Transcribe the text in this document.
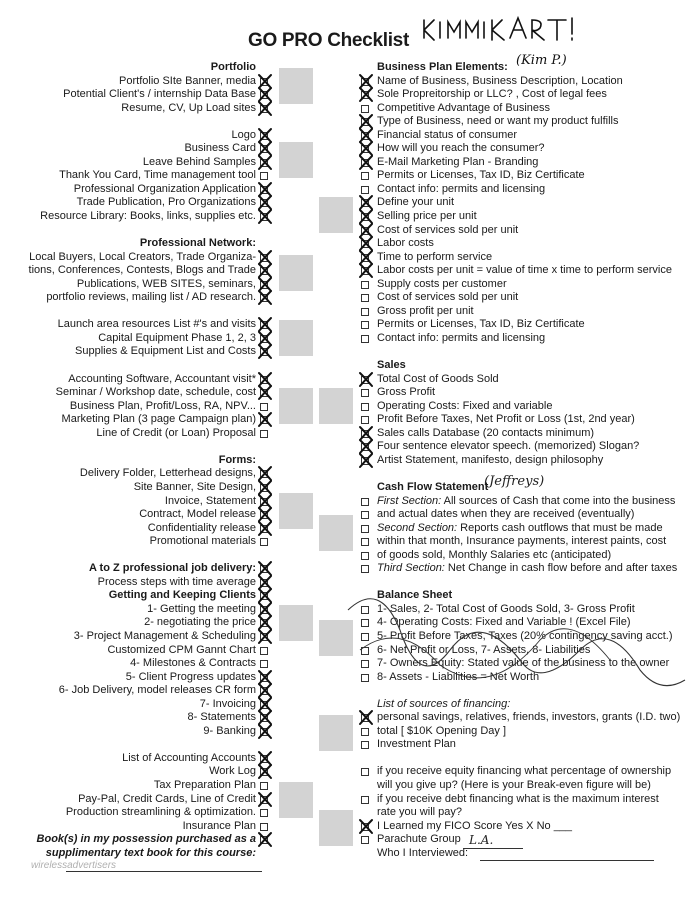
GO PRO Checklist
(Kim P.)
Portfolio
Portfolio SIte Banner, media
Potential Client's / internship Data Base
Resume, CV, Up Load sites
Logo
Business Card
Leave Behind Samples
Thank You Card, Time management tool
Professional Organization Application
Trade Publication, Pro Organizations
Resource Library: Books, links, supplies etc.
Professional Network:
Local Buyers, Local Creators, Trade Organiza-
tions, Conferences, Contests, Blogs and Trade
Publications, WEB SITES, seminars,
portfolio reviews, mailing list / AD research.
Launch area resources List #'s and visits
Capital Equipment Phase 1, 2, 3
Supplies & Equipment List and Costs
Accounting Software, Accountant visit*
Seminar / Workshop date, schedule, cost
Business Plan, Profit/Loss, RA, NPV...
Marketing Plan (3 page Campaign plan)
Line of Credit (or Loan) Proposal
Forms:
Delivery Folder, Letterhead designs,
Site Banner, Site Design,
Invoice, Statement
Contract, Model release
Confidentiality release
Promotional materials
A to Z professional job delivery:
Process steps with time average
Getting and Keeping Clients
1- Getting the meeting
2- negotiating the price
3- Project Management & Scheduling
Customized CPM Gannt Chart
4- Milestones & Contracts
5- Client Progress updates
6- Job Delivery, model releases CR form
7- Invoicing
8- Statements
9- Banking
List of Accounting Accounts
Work Log
Tax Preparation Plan
Pay-Pal, Credit Cards, Line of Credit
Production streamlining & optimization.
Insurance Plan
Book(s) in my possession purchased as a
supplimentary text book for this course:
Business Plan Elements:
Name of Business, Business Description, Location
Sole Propreitorship or LLC? , Cost of legal fees
Competitive Advantage of Business
Type of Business, need or want my product fulfills
Financial status of consumer
How will you reach the consumer?
E-Mail Marketing Plan - Branding
Permits or Licenses, Tax ID, Biz Certificate
Contact info: permits and licensing
Define your unit
Selling price per unit
Cost of services sold per unit
Labor costs
Time to perform service
Labor costs per unit = value of time x time to perform service
Supply costs per customer
Cost of services sold per unit
Gross profit per unit
Permits or Licenses, Tax ID, Biz Certificate
Contact info: permits and licensing
Sales
Total Cost of Goods Sold
Gross Profit
Operating Costs: Fixed and variable
Profit Before Taxes, Net Profit or Loss (1st, 2nd year)
Sales calls Database (20 contacts minimum)
Four sentence elevator speech. (memorized) Slogan?
Artist Statement, manifesto, design philosophy
Cash Flow Statement
First Section: All sources of Cash that come into the business
and actual dates when they are received (eventually)
Second Section: Reports cash outflows that must be made
within that month, Insurance payments, interest paints, cost
of goods sold, Monthly Salaries etc (anticipated)
Third Section: Net Change in cash flow before and after taxes
Balance Sheet
1- Sales, 2- Total Cost of Goods Sold, 3- Gross Profit
4- Operating Costs: Fixed and Variable ! (Excel File)
5- Profit Before Taxes, Taxes (20% contingency saving acct.)
6- Net Profit or Loss, 7- Assets, 8- Liabilities
7- Owners Equity: Stated value of the business to the owner
8- Assets - Liabilities = Net Worth
List of sources of financing:
personal savings, relatives, friends, investors, grants (I.D. two)
total [ $10K Opening Day ]
Investment Plan
if you receive equity financing what percentage of ownership
will you give up? (Here is your Break-even figure will be)
if you receive debt financing what is the maximum interest
rate you will pay?
I Learned my FICO Score Yes X No ___
Parachute Group
Who I Interviewed:
(Jeffreys)
L.A.
wirelessadvertisers
